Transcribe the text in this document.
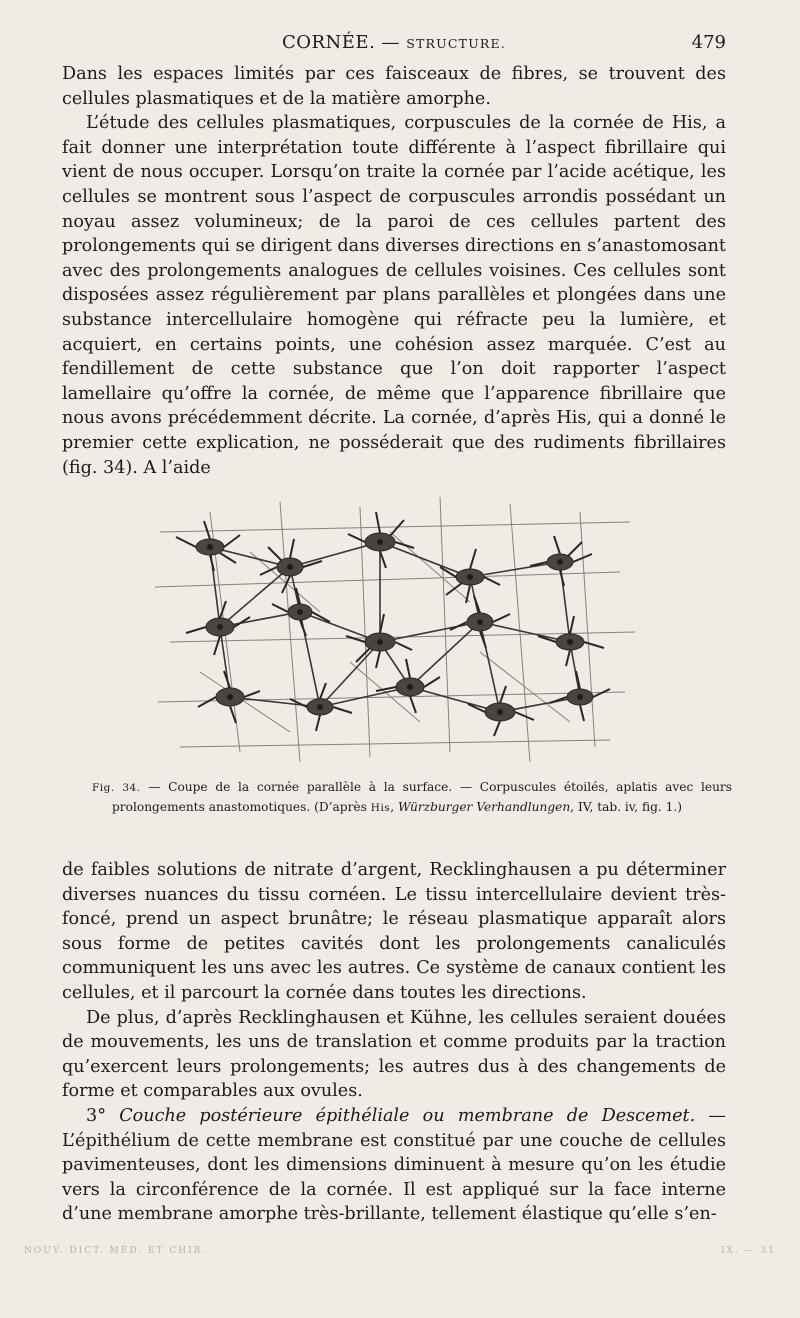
CORNÉE. — STRUCTURE.	479

Dans les espaces limités par ces faisceaux de fibres, se trouvent des cellules plasmatiques et de la matière amorphe.

L’étude des cellules plasmatiques, corpuscules de la cornée de His, a fait donner une interprétation toute différente à l’aspect fibrillaire qui vient de nous occuper. Lorsqu’on traite la cornée par l’acide acétique, les cellules se montrent sous l’aspect de corpuscules arrondis possédant un noyau assez volumineux; de la paroi de ces cellules partent des prolongements qui se dirigent dans diverses directions en s’anastomosant avec des prolongements analogues de cellules voisines. Ces cellules sont disposées assez régulièrement par plans parallèles et plongées dans une substance intercellulaire homogène qui réfracte peu la lumière, et acquiert, en certains points, une cohésion assez marquée. C’est au fendillement de cette substance que l’on doit rapporter l’aspect lamellaire qu’offre la cornée, de même que l’apparence fibrillaire que nous avons précédemment décrite. La cornée, d’après His, qui a donné le premier cette explication, ne posséderait que des rudiments fibrillaires (fig. 34). A l’aide

Fig. 34. — Coupe de la cornée parallèle à la surface. — Corpuscules étoilés, aplatis avec leurs prolongements anastomotiques. (D’après His, Würzburger Verhandlungen, IV, tab. iv, fig. 1.)

de faibles solutions de nitrate d’argent, Recklinghausen a pu déterminer diverses nuances du tissu cornéen. Le tissu intercellulaire devient très-foncé, prend un aspect brunâtre; le réseau plasmatique apparaît alors sous forme de petites cavités dont les prolongements canaliculés communiquent les uns avec les autres. Ce système de canaux contient les cellules, et il parcourt la cornée dans toutes les directions.

De plus, d’après Recklinghausen et Kühne, les cellules seraient douées de mouvements, les uns de translation et comme produits par la traction qu’exercent leurs prolongements; les autres dus à des changements de forme et comparables aux ovules.

3° Couche postérieure épithéliale ou membrane de Descemet. — L’épithélium de cette membrane est constitué par une couche de cellules pavimenteuses, dont les dimensions diminuent à mesure qu’on les étudie vers la circonférence de la cornée. Il est appliqué sur la face interne d’une membrane amorphe très-brillante, tellement élastique qu’elle s’en-

NOUV. DICT. MÉD. ET CHIR.	IX. — 31
